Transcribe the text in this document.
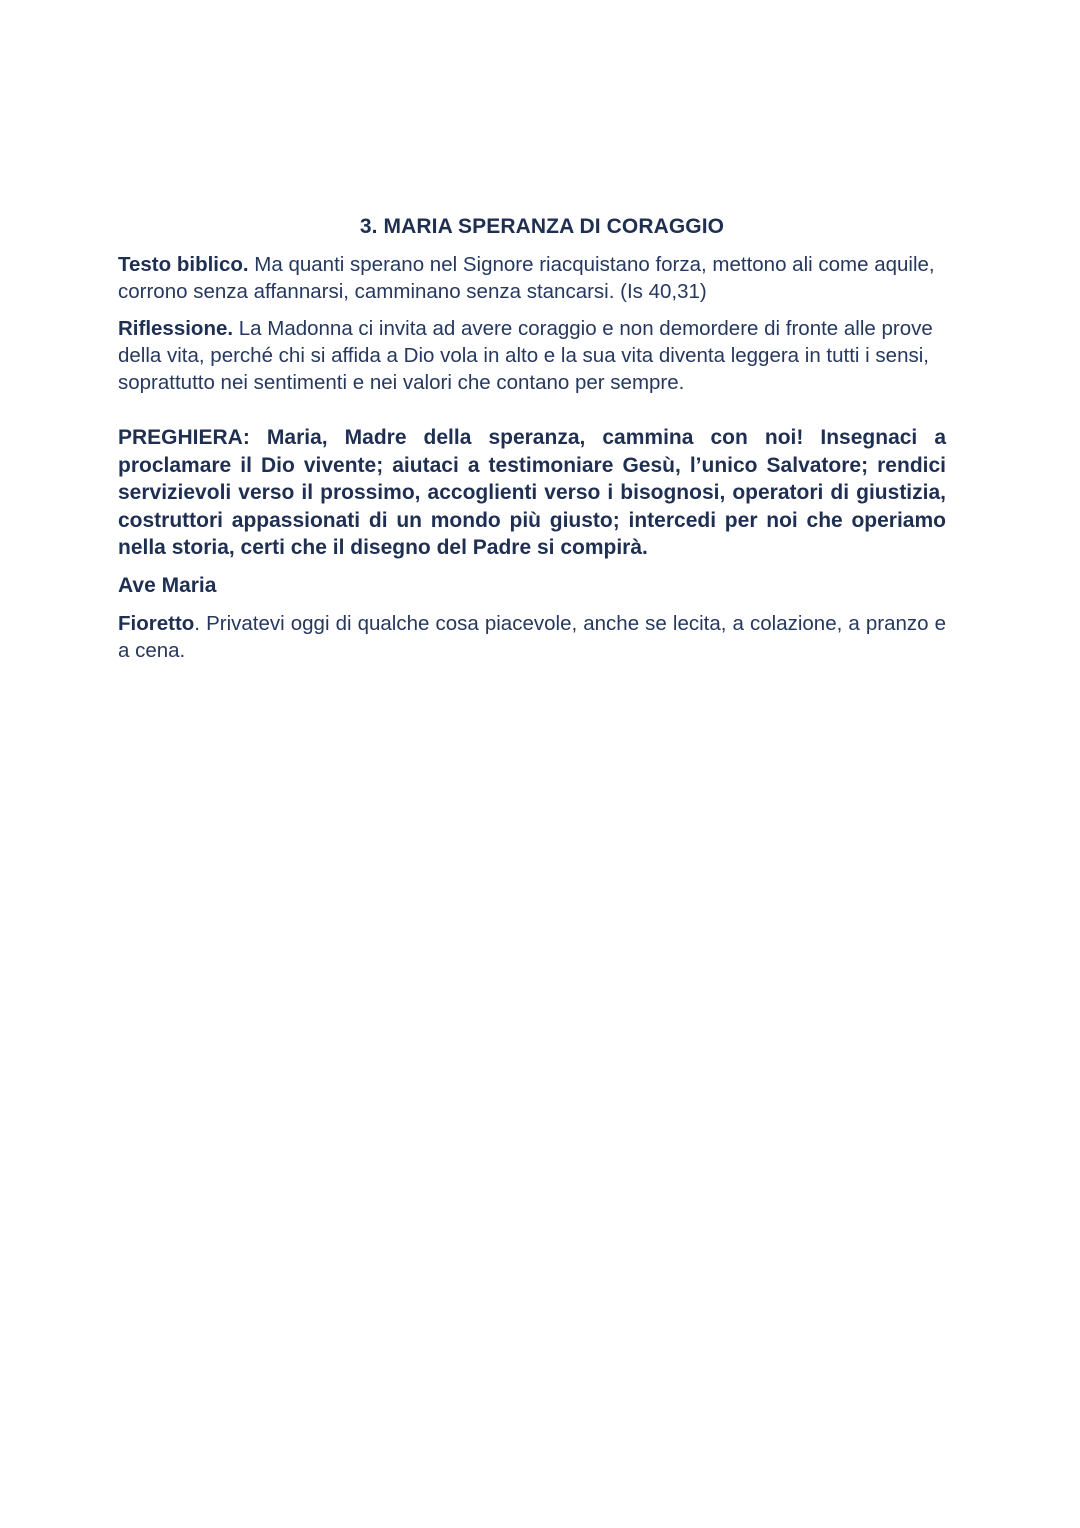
3. MARIA SPERANZA DI CORAGGIO

Testo biblico. Ma quanti sperano nel Signore riacquistano forza, mettono ali come aquile, corrono senza affannarsi, camminano senza stancarsi. (Is 40,31)

Riflessione. La Madonna ci invita ad avere coraggio e non demordere di fronte alle prove della vita, perché chi si affida a Dio vola in alto e la sua vita diventa leggera in tutti i sensi, soprattutto nei sentimenti e nei valori che contano per sempre.

PREGHIERA: Maria, Madre della speranza, cammina con noi! Insegnaci a proclamare il Dio vivente; aiutaci a testimoniare Gesù, l’unico Salvatore; rendici servizievoli verso il prossimo, accoglienti verso i bisognosi, operatori di giustizia, costruttori appassionati di un mondo più giusto; intercedi per noi che operiamo nella storia, certi che il disegno del Padre si compirà.

Ave Maria

Fioretto. Privatevi oggi di qualche cosa piacevole, anche se lecita, a colazione, a pranzo e a cena.
